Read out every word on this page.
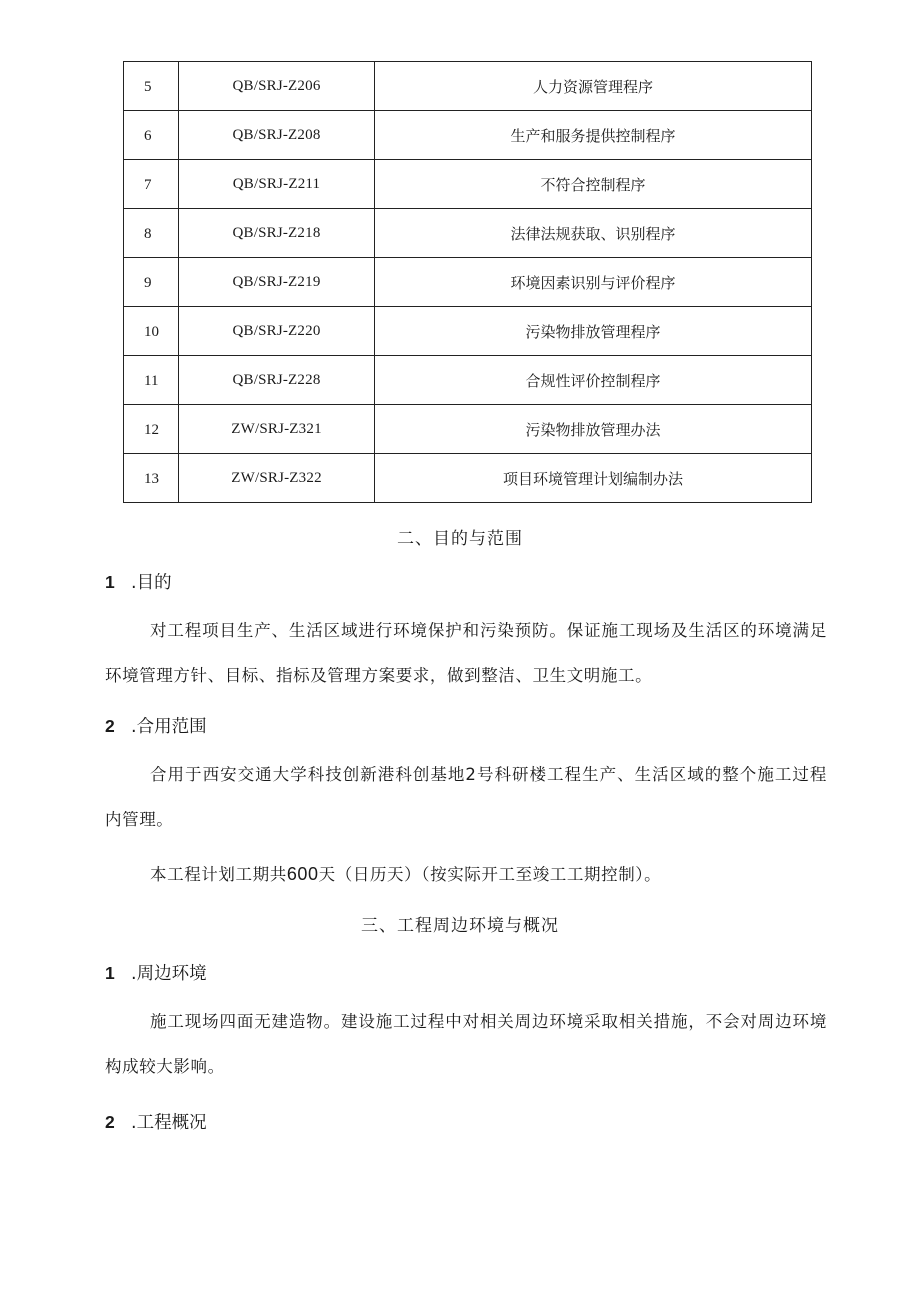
5	QB/SRJ-Z206	人力资源管理程序
6	QB/SRJ-Z208	生产和服务提供控制程序
7	QB/SRJ-Z211	不符合控制程序
8	QB/SRJ-Z218	法律法规获取、识别程序
9	QB/SRJ-Z219	环境因素识别与评价程序
10	QB/SRJ-Z220	污染物排放管理程序
11	QB/SRJ-Z228	合规性评价控制程序
12	ZW/SRJ-Z321	污染物排放管理办法
13	ZW/SRJ-Z322	项目环境管理计划编制办法
二、目的与范围
1 .目的
对工程项目生产、生活区域进行环境保护和污染预防。保证施工现场及生活区的环境满足环境管理方针、目标、指标及管理方案要求，做到整洁、卫生文明施工。
2 .合用范围
合用于西安交通大学科技创新港科创基地2号科研楼工程生产、生活区域的整个施工过程内管理。
本工程计划工期共600天（日历天）（按实际开工至竣工工期控制）。
三、工程周边环境与概况
1 .周边环境
施工现场四面无建造物。建设施工过程中对相关周边环境采取相关措施，不会对周边环境构成较大影响。
2 .工程概况
